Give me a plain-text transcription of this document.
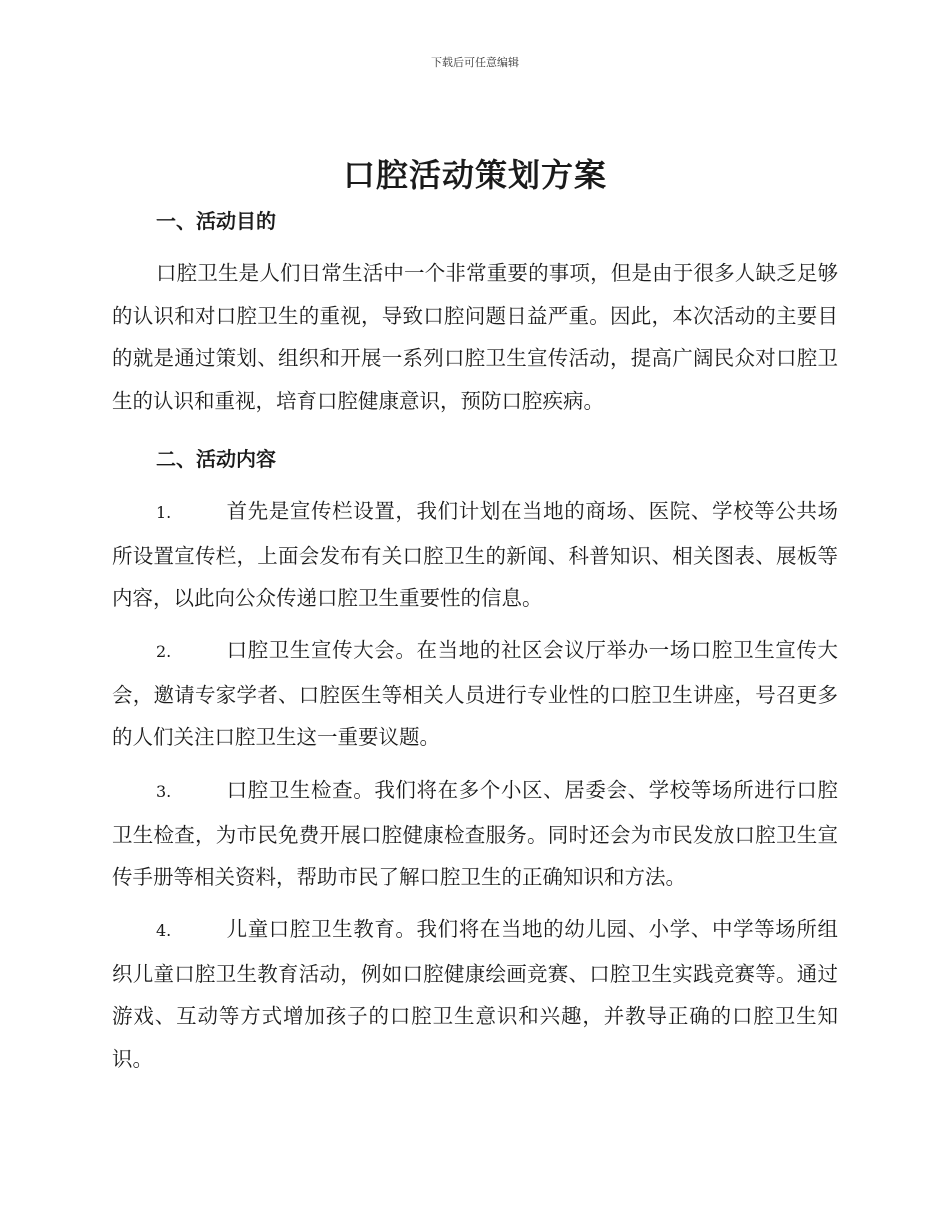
下载后可任意编辑
口腔活动策划方案
一、活动目的

口腔卫生是人们日常生活中一个非常重要的事项，但是由于很多人缺乏足够的认识和对口腔卫生的重视，导致口腔问题日益严重。因此，本次活动的主要目的就是通过策划、组织和开展一系列口腔卫生宣传活动，提高广阔民众对口腔卫生的认识和重视，培育口腔健康意识，预防口腔疾病。

二、活动内容

1.	首先是宣传栏设置，我们计划在当地的商场、医院、学校等公共场所设置宣传栏，上面会发布有关口腔卫生的新闻、科普知识、相关图表、展板等内容，以此向公众传递口腔卫生重要性的信息。

2.	口腔卫生宣传大会。在当地的社区会议厅举办一场口腔卫生宣传大会，邀请专家学者、口腔医生等相关人员进行专业性的口腔卫生讲座，号召更多的人们关注口腔卫生这一重要议题。

3.	口腔卫生检查。我们将在多个小区、居委会、学校等场所进行口腔卫生检查，为市民免费开展口腔健康检查服务。同时还会为市民发放口腔卫生宣传手册等相关资料，帮助市民了解口腔卫生的正确知识和方法。

4.	儿童口腔卫生教育。我们将在当地的幼儿园、小学、中学等场所组织儿童口腔卫生教育活动，例如口腔健康绘画竞赛、口腔卫生实践竞赛等。通过游戏、互动等方式增加孩子的口腔卫生意识和兴趣，并教导正确的口腔卫生知识。
